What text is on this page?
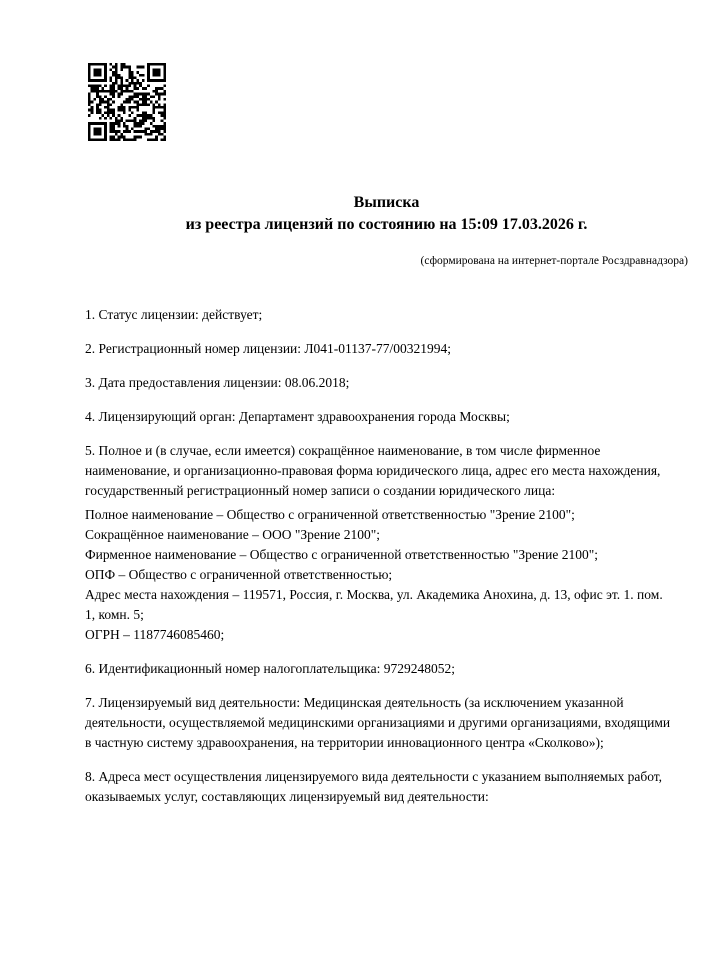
Выписка
из реестра лицензий по состоянию на 15:09 17.03.2026 г.
(сформирована на интернет-портале Росздравнадзора)

1. Статус лицензии: действует;

2. Регистрационный номер лицензии: Л041-01137-77/00321994;

3. Дата предоставления лицензии: 08.06.2018;

4. Лицензирующий орган: Департамент здравоохранения города Москвы;

5. Полное и (в случае, если имеется) сокращённое наименование, в том числе фирменное наименование, и организационно-правовая форма юридического лица, адрес его места нахождения, государственный регистрационный номер записи о создании юридического лица:

Полное наименование – Общество с ограниченной ответственностью "Зрение 2100";
Сокращённое наименование – ООО "Зрение 2100";
Фирменное наименование – Общество с ограниченной ответственностью "Зрение 2100";
ОПФ – Общество с ограниченной ответственностью;
Адрес места нахождения – 119571, Россия, г. Москва, ул. Академика Анохина, д. 13, офис эт. 1. пом. 1, комн. 5;
ОГРН – 1187746085460;

6. Идентификационный номер налогоплательщика: 9729248052;

7. Лицензируемый вид деятельности: Медицинская деятельность (за исключением указанной деятельности, осуществляемой медицинскими организациями и другими организациями, входящими в частную систему здравоохранения, на территории инновационного центра «Сколково»);

8. Адреса мест осуществления лицензируемого вида деятельности с указанием выполняемых работ, оказываемых услуг, составляющих лицензируемый вид деятельности:
